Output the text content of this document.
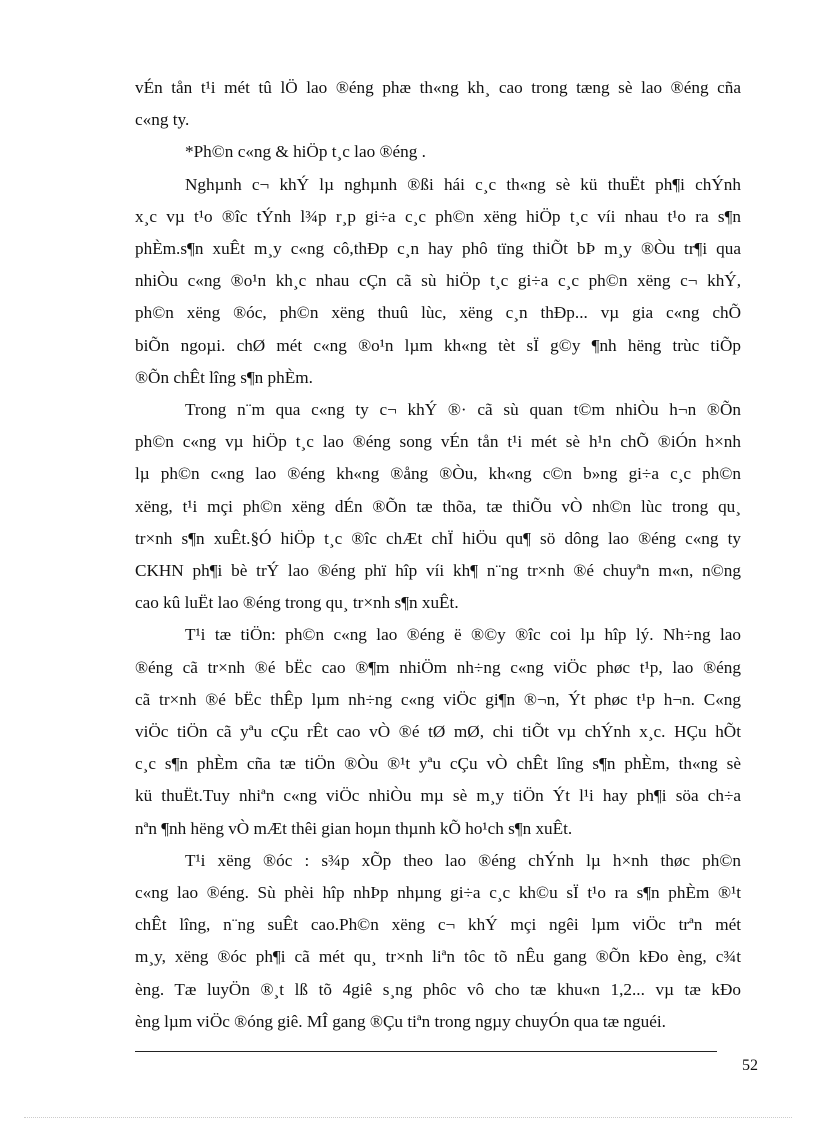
vÉn tån t¹i mét tû lÖ lao ®éng phæ th«ng kh¸ cao trong tæng sè lao ®éng cña
c«ng ty.
*Ph©n c«ng & hiÖp t¸c lao ®éng .
Nghµnh c¬ khÝ lµ nghµnh ®ßi hái c¸c th«ng sè kü thuËt ph¶i chÝnh
x¸c vµ t¹o ®îc tÝnh l¾p r¸p gi÷a c¸c ph©n xëng hiÖp t¸c víi nhau t¹o ra s¶n
phÈm.s¶n xuÊt m¸y c«ng cô,thÐp c¸n hay phô tïng thiÕt bÞ m¸y ®Òu tr¶i qua
nhiÒu c«ng ®o¹n kh¸c nhau cÇn cã sù hiÖp t¸c gi÷a c¸c ph©n xëng c¬ khÝ,
ph©n xëng ®óc, ph©n xëng thuû lùc, xëng c¸n thÐp... vµ gia c«ng chÕ
biÕn ngoµi. chØ mét c«ng ®o¹n lµm kh«ng tèt sÏ g©y ¶nh hëng trùc tiÕp
®Õn chÊt lîng s¶n phÈm.
Trong n¨m qua c«ng ty c¬ khÝ ®· cã sù quan t©m nhiÒu h¬n ®Õn
ph©n c«ng vµ hiÖp t¸c lao ®éng song vÉn tån t¹i mét sè h¹n chÕ ®iÓn h×nh
lµ ph©n c«ng lao ®éng kh«ng ®ång ®Òu, kh«ng c©n b»ng gi÷a c¸c ph©n
xëng, t¹i mçi ph©n xëng dÉn ®Õn tæ thõa, tæ thiÕu vÒ nh©n lùc trong qu¸
tr×nh s¶n xuÊt.§Ó hiÖp t¸c ®îc chÆt chÏ hiÖu qu¶ sö dông lao ®éng c«ng ty
CKHN ph¶i bè trÝ lao ®éng phï hîp víi kh¶ n¨ng tr×nh ®é chuyªn m«n, n©ng
cao kû luËt lao ®éng trong qu¸ tr×nh s¶n xuÊt.
T¹i tæ tiÖn: ph©n c«ng lao ®éng ë ®©y ®îc coi lµ hîp lý. Nh÷ng lao
®éng cã tr×nh ®é bËc cao ®¶m nhiÖm nh÷ng c«ng viÖc phøc t¹p, lao ®éng
cã tr×nh ®é bËc thÊp lµm nh÷ng c«ng viÖc gi¶n ®¬n, Ýt phøc t¹p h¬n. C«ng
viÖc tiÖn cã yªu cÇu rÊt cao vÒ ®é tØ mØ, chi tiÕt vµ chÝnh x¸c. HÇu hÕt
c¸c s¶n phÈm cña tæ tiÖn ®Òu ®¹t yªu cÇu vÒ chÊt lîng s¶n phÈm, th«ng sè
kü thuËt.Tuy nhiªn c«ng viÖc nhiÒu mµ sè m¸y tiÖn Ýt l¹i hay ph¶i söa ch÷a
nªn ¶nh hëng vÒ mÆt thêi gian hoµn thµnh kÕ ho¹ch s¶n xuÊt.
T¹i xëng ®óc : s¾p xÕp theo lao ®éng chÝnh lµ h×nh thøc ph©n
c«ng lao ®éng. Sù phèi hîp nhÞp nhµng gi÷a c¸c kh©u sÏ t¹o ra s¶n phÈm ®¹t
chÊt lîng, n¨ng suÊt cao.Ph©n xëng c¬ khÝ mçi ngêi lµm viÖc trªn mét
m¸y, xëng ®óc ph¶i cã mét qu¸ tr×nh liªn tôc tõ nÊu gang ®Õn kÐo èng, c¾t
èng. Tæ luyÖn ®¸t lß tõ 4giê s¸ng phôc vô cho tæ khu«n 1,2... vµ tæ kÐo
èng lµm viÖc ®óng giê. MÎ gang ®Çu tiªn trong ngµy chuyÓn qua tæ nguéi.
52
